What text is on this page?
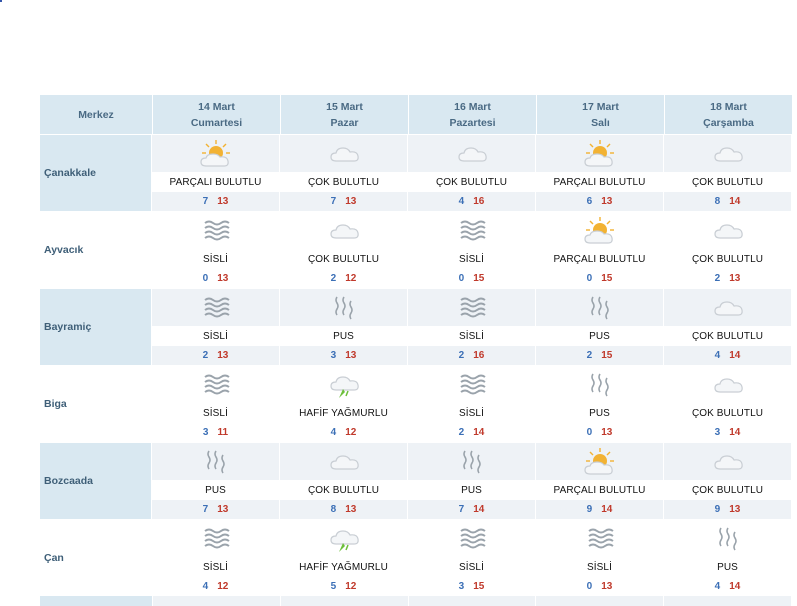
Merkez
14 Mart
Cumartesi
15 Mart
Pazar
16 Mart
Pazartesi
17 Mart
Salı
18 Mart
Çarşamba
Çanakkale
PARÇALI BULUTLU
7 13
ÇOK BULUTLU
7 13
ÇOK BULUTLU
4 16
PARÇALI BULUTLU
6 13
ÇOK BULUTLU
8 14
Ayvacık
SİSLİ
0 13
ÇOK BULUTLU
2 12
SİSLİ
0 15
PARÇALI BULUTLU
0 15
ÇOK BULUTLU
2 13
Bayramiç
SİSLİ
2 13
PUS
3 13
SİSLİ
2 16
PUS
2 15
ÇOK BULUTLU
4 14
Biga
SİSLİ
3 11
HAFİF YAĞMURLU
4 12
SİSLİ
2 14
PUS
0 13
ÇOK BULUTLU
3 14
Bozcaada
PUS
7 13
ÇOK BULUTLU
8 13
PUS
7 14
PARÇALI BULUTLU
9 14
ÇOK BULUTLU
9 13
Çan
SİSLİ
4 12
HAFİF YAĞMURLU
5 12
SİSLİ
3 15
SİSLİ
0 13
PUS
4 14
